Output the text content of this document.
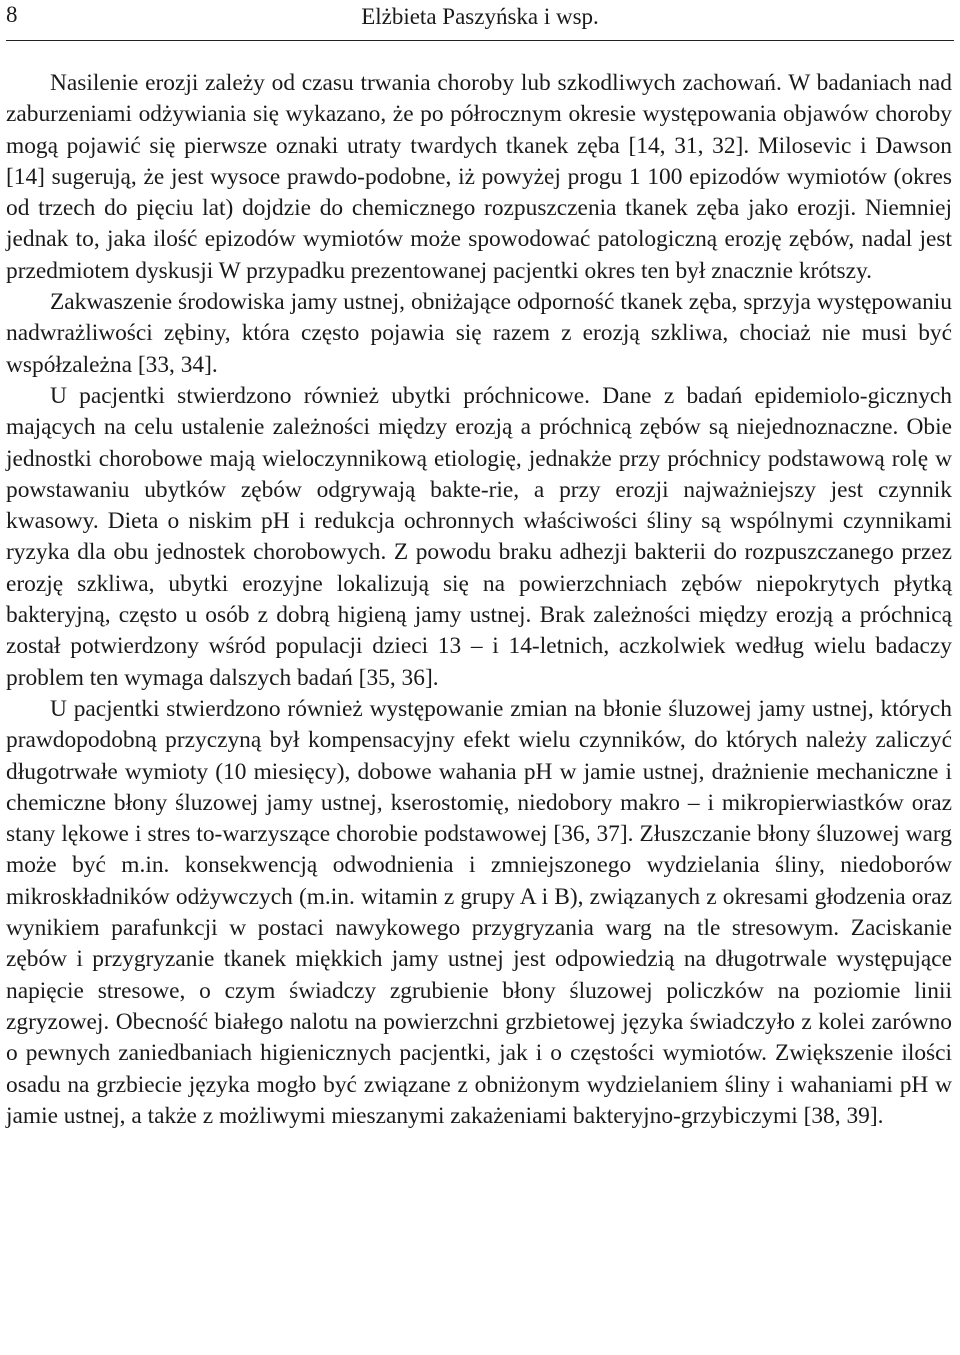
8	Elżbieta Paszyńska i wsp.

Nasilenie erozji zależy od czasu trwania choroby lub szkodliwych zachowań. W badaniach nad zaburzeniami odżywiania się wykazano, że po półrocznym okresie występowania objawów choroby mogą pojawić się pierwsze oznaki utraty twardych tkanek zęba [14, 31, 32]. Milosevic i Dawson [14] sugerują, że jest wysoce prawdo-podobne, iż powyżej progu 1 100 epizodów wymiotów (okres od trzech do pięciu lat) dojdzie do chemicznego rozpuszczenia tkanek zęba jako erozji. Niemniej jednak to, jaka ilość epizodów wymiotów może spowodować patologiczną erozję zębów, nadal jest przedmiotem dyskusji W przypadku prezentowanej pacjentki okres ten był znacznie krótszy.

Zakwaszenie środowiska jamy ustnej, obniżające odporność tkanek zęba, sprzyja występowaniu nadwrażliwości zębiny, która często pojawia się razem z erozją szkliwa, chociaż nie musi być współzależna [33, 34].

U pacjentki stwierdzono również ubytki próchnicowe. Dane z badań epidemiolo-gicznych mających na celu ustalenie zależności między erozją a próchnicą zębów są niejednoznaczne. Obie jednostki chorobowe mają wieloczynnikową etiologię, jednakże przy próchnicy podstawową rolę w powstawaniu ubytków zębów odgrywają bakte-rie, a przy erozji najważniejszy jest czynnik kwasowy. Dieta o niskim pH i redukcja ochronnych właściwości śliny są wspólnymi czynnikami ryzyka dla obu jednostek chorobowych. Z powodu braku adhezji bakterii do rozpuszczanego przez erozję szkliwa, ubytki erozyjne lokalizują się na powierzchniach zębów niepokrytych płytką bakteryjną, często u osób z dobrą higieną jamy ustnej. Brak zależności między erozją a próchnicą został potwierdzony wśród populacji dzieci 13 – i 14-letnich, aczkolwiek według wielu badaczy problem ten wymaga dalszych badań [35, 36].

U pacjentki stwierdzono również występowanie zmian na błonie śluzowej jamy ustnej, których prawdopodobną przyczyną był kompensacyjny efekt wielu czynników, do których należy zaliczyć długotrwałe wymioty (10 miesięcy), dobowe wahania pH w jamie ustnej, drażnienie mechaniczne i chemiczne błony śluzowej jamy ustnej, kserostomię, niedobory makro – i mikropierwiastków oraz stany lękowe i stres to-warzyszące chorobie podstawowej [36, 37]. Złuszczanie błony śluzowej warg może być m.in. konsekwencją odwodnienia i zmniejszonego wydzielania śliny, niedoborów mikroskładników odżywczych (m.in. witamin z grupy A i B), związanych z okresami głodzenia oraz wynikiem parafunkcji w postaci nawykowego przygryzania warg na tle stresowym. Zaciskanie zębów i przygryzanie tkanek miękkich jamy ustnej jest odpowiedzią na długotrwale występujące napięcie stresowe, o czym świadczy zgrubienie błony śluzowej policzków na poziomie linii zgryzowej. Obecność białego nalotu na powierzchni grzbietowej języka świadczyło z kolei zarówno o pewnych zaniedbaniach higienicznych pacjentki, jak i o częstości wymiotów. Zwiększenie ilości osadu na grzbiecie języka mogło być związane z obniżonym wydzielaniem śliny i wahaniami pH w jamie ustnej, a także z możliwymi mieszanymi zakażeniami bakteryjno-grzybiczymi [38, 39].
